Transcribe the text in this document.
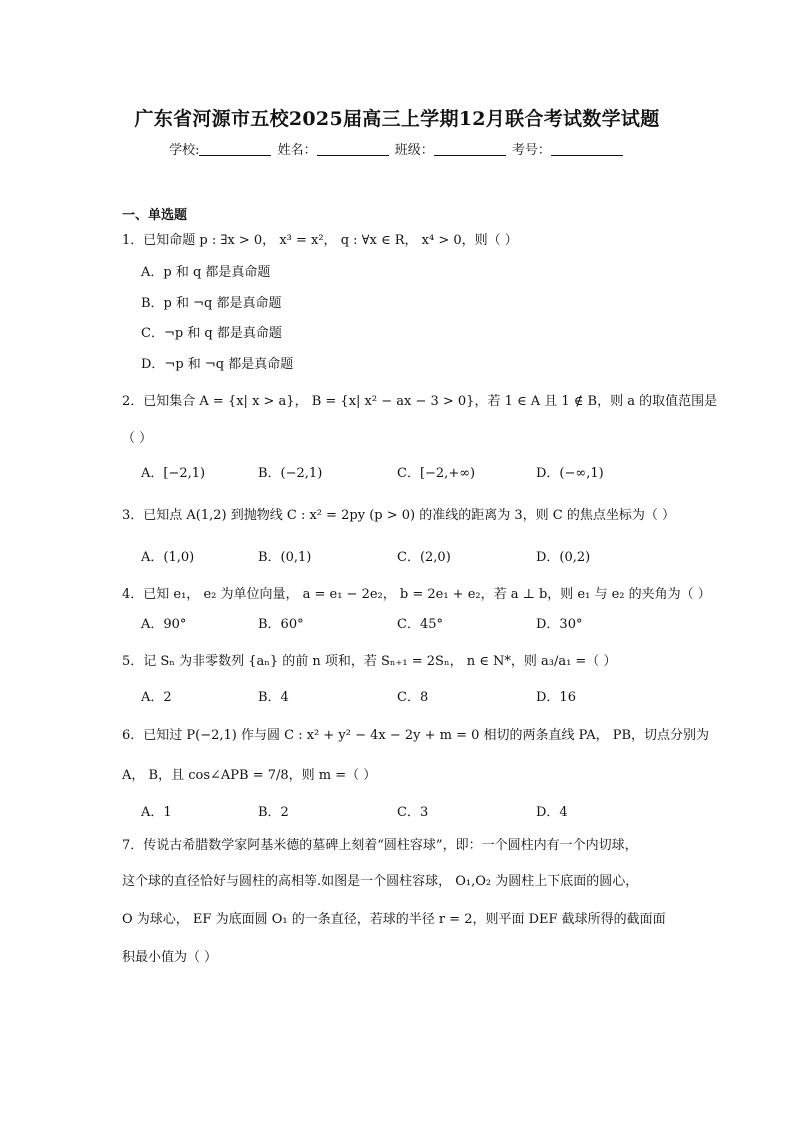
广东省河源市五校2025届高三上学期12月联合考试数学试题
学校:	姓名：	班级：	考号：
一、单选题
1．已知命题 p : ∃x > 0， x³ = x²， q : ∀x ∈ R， x⁴ > 0，则（ ）
A．p 和 q 都是真命题
B．p 和 ¬q 都是真命题
C．¬p 和 q 都是真命题
D．¬p 和 ¬q 都是真命题
2．已知集合 A = {x| x > a}， B = {x| x² − ax − 3 > 0}，若 1 ∈ A 且 1 ∉ B，则 a 的取值范围是
（ ）
A．[−2,1)	B．(−2,1)	C．[−2,+∞)	D．(−∞,1)
3．已知点 A(1,2) 到抛物线 C : x² = 2py (p > 0) 的准线的距离为 3，则 C 的焦点坐标为（ ）
A．(1,0)	B．(0,1)	C．(2,0)	D．(0,2)
4．已知 e₁， e₂ 为单位向量， a = e₁ − 2e₂， b = 2e₁ + e₂，若 a ⊥ b，则 e₁ 与 e₂ 的夹角为（ ）
A．90°	B．60°	C．45°	D．30°
5．记 Sₙ 为非零数列 {aₙ} 的前 n 项和，若 Sₙ₊₁ = 2Sₙ， n ∈ N*，则 a₃/a₁ =（ ）
A．2	B．4	C．8	D．16
6．已知过 P(−2,1) 作与圆 C : x² + y² − 4x − 2y + m = 0 相切的两条直线 PA， PB，切点分别为
A， B，且 cos∠APB = 7/8，则 m =（ ）
A．1	B．2	C．3	D．4
7．传说古希腊数学家阿基米德的墓碑上刻着“圆柱容球”，即：一个圆柱内有一个内切球，
这个球的直径恰好与圆柱的高相等.如图是一个圆柱容球， O₁,O₂ 为圆柱上下底面的圆心，
O 为球心， EF 为底面圆 O₁ 的一条直径，若球的半径 r = 2，则平面 DEF 截球所得的截面面
积最小值为（ ）
